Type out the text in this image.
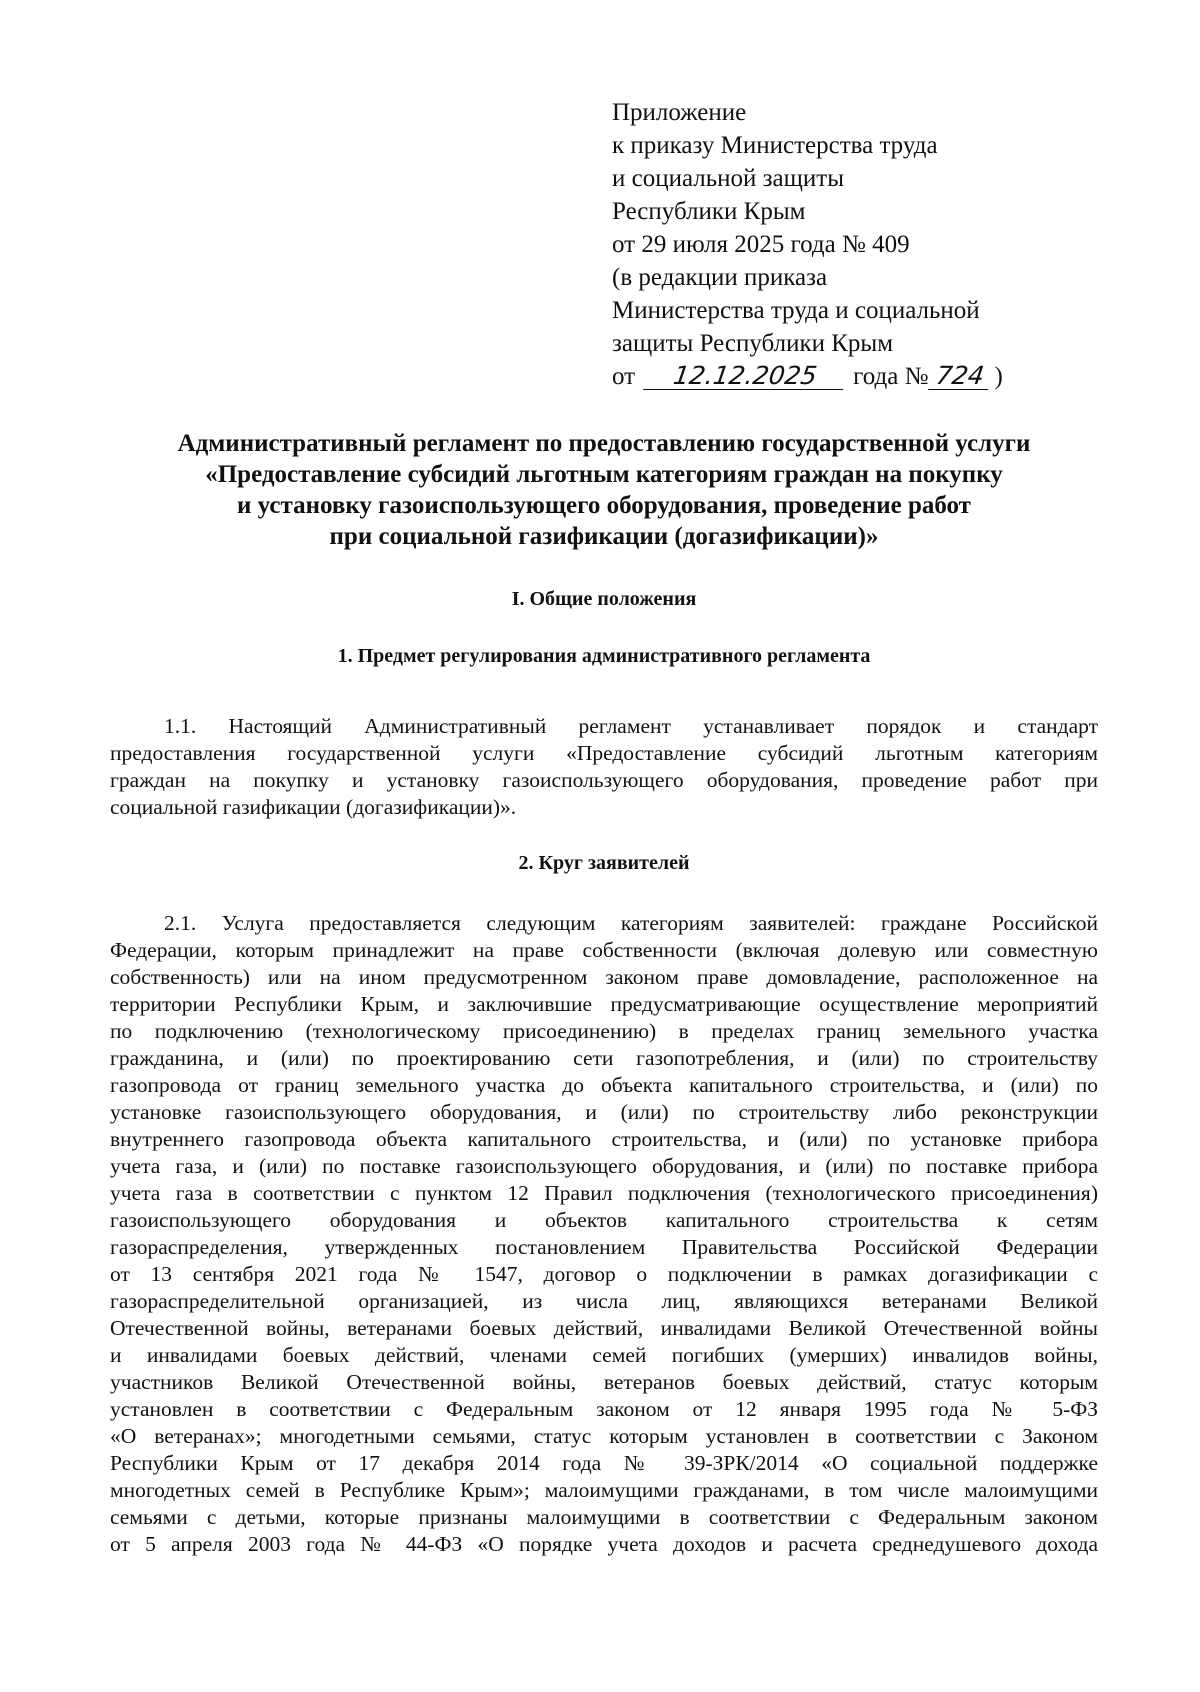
Приложение
к приказу Министерства труда
и социальной защиты
Республики Крым
от 29 июля 2025 года № 409
(в редакции приказа
Министерства труда и социальной
защиты Республики Крым
от 12.12.2025 года № 724 )
Административный регламент по предоставлению государственной услуги
«Предоставление субсидий льготным категориям граждан на покупку
и установку газоиспользующего оборудования, проведение работ
при социальной газификации (догазификации)»
I. Общие положения
1. Предмет регулирования административного регламента
1.1. Настоящий Административный регламент устанавливает порядок и стандарт
предоставления государственной услуги «Предоставление субсидий льготным категориям
граждан на покупку и установку газоиспользующего оборудования, проведение работ при
социальной газификации (догазификации)».
2. Круг заявителей
2.1. Услуга предоставляется следующим категориям заявителей: граждане Российской
Федерации, которым принадлежит на праве собственности (включая долевую или совместную
собственность) или на ином предусмотренном законом праве домовладение, расположенное на
территории Республики Крым, и заключившие предусматривающие осуществление мероприятий
по подключению (технологическому присоединению) в пределах границ земельного участка
гражданина, и (или) по проектированию сети газопотребления, и (или) по строительству
газопровода от границ земельного участка до объекта капитального строительства, и (или) по
установке газоиспользующего оборудования, и (или) по строительству либо реконструкции
внутреннего газопровода объекта капитального строительства, и (или) по установке прибора
учета газа, и (или) по поставке газоиспользующего оборудования, и (или) по поставке прибора
учета газа в соответствии с пунктом 12 Правил подключения (технологического присоединения)
газоиспользующего оборудования и объектов капитального строительства к сетям
газораспределения, утвержденных постановлением Правительства Российской Федерации
от 13 сентября 2021 года № 1547, договор о подключении в рамках догазификации с
газораспределительной организацией, из числа лиц, являющихся ветеранами Великой
Отечественной войны, ветеранами боевых действий, инвалидами Великой Отечественной войны
и инвалидами боевых действий, членами семей погибших (умерших) инвалидов войны,
участников Великой Отечественной войны, ветеранов боевых действий, статус которым
установлен в соответствии с Федеральным законом от 12 января 1995 года № 5-ФЗ
«О ветеранах»; многодетными семьями, статус которым установлен в соответствии с Законом
Республики Крым от 17 декабря 2014 года № 39-ЗРК/2014 «О социальной поддержке
многодетных семей в Республике Крым»; малоимущими гражданами, в том числе малоимущими
семьями с детьми, которые признаны малоимущими в соответствии с Федеральным законом
от 5 апреля 2003 года № 44-ФЗ «О порядке учета доходов и расчета среднедушевого дохода
